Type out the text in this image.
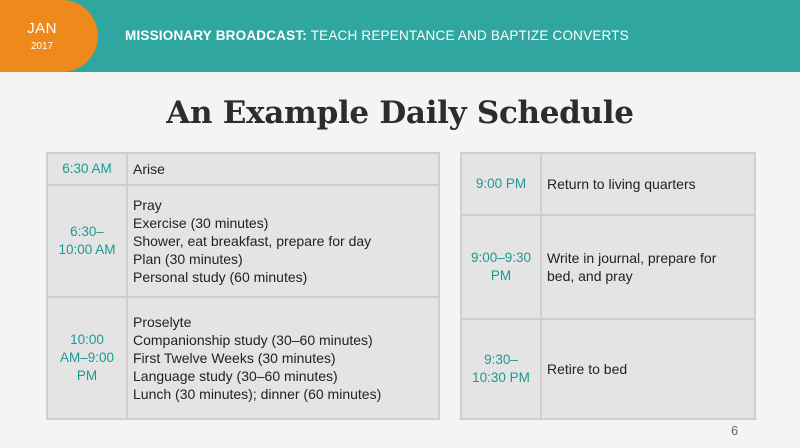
JAN
2017
MISSIONARY BROADCAST: TEACH REPENTANCE AND BAPTIZE CONVERTS
An Example Daily Schedule
6:30 AM	Arise

6:30–
10:00 AM	Pray
Exercise (30 minutes)
Shower, eat breakfast, prepare for day
Plan (30 minutes)
Personal study (60 minutes)

10:00
AM–9:00
PM	Proselyte
Companionship study (30–60 minutes)
First Twelve Weeks (30 minutes)
Language study (30–60 minutes)
Lunch (30 minutes); dinner (60 minutes)
9:00 PM	Return to living quarters

9:00–9:30
PM	Write in journal, prepare for
bed, and pray

9:30–
10:30 PM	Retire to bed
6
